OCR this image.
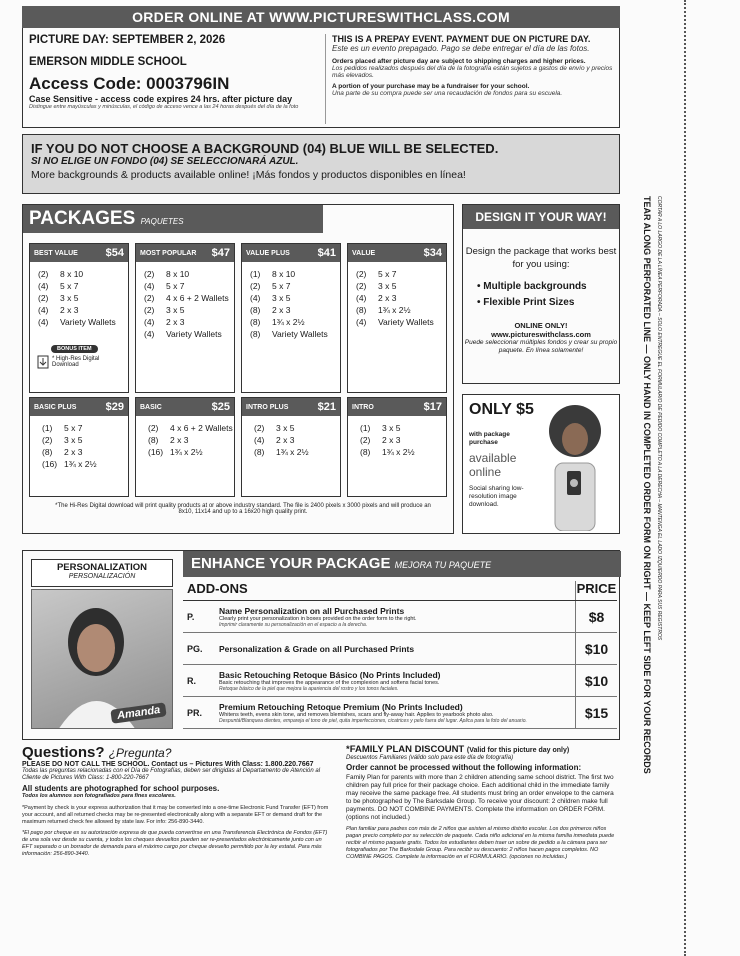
ORDER ONLINE AT WWW.PICTURESWITHCLASS.COM
PICTURE DAY: SEPTEMBER 2, 2026
EMERSON MIDDLE SCHOOL
Access Code: 0003796IN
Case Sensitive - access code expires 24 hrs. after picture day
Distingue entre mayúsculas y minúsculas, el código de acceso vence a las 24 horas después del día de la foto
THIS IS A PREPAY EVENT. PAYMENT DUE ON PICTURE DAY.
Este es un evento prepagado. Pago se debe entregar el día de las fotos.
Orders placed after picture day are subject to shipping charges and higher prices.
Los pedidos realizados después del día de la fotografía están sujetos a gastos de envío y precios más elevados.
A portion of your purchase may be a fundraiser for your school.
Una parte de su compra puede ser una recaudación de fondos para su escuela.
IF YOU DO NOT CHOOSE A BACKGROUND (04) BLUE WILL BE SELECTED.
SI NO ELIGE UN FONDO (04) SE SELECCIONARÁ AZUL.
More backgrounds & products available online! ¡Más fondos y productos disponibles en línea!
PACKAGES PAQUETES
BEST VALUE	$54
(2) 8 x 10
(4) 5 x 7
(2) 3 x 5
(4) 2 x 3
(4) Variety Wallets
MOST POPULAR $47
(2) 8 x 10
(4) 5 x 7
(2) 4 x 6 + 2 Wallets
(2) 3 x 5
(4) 2 x 3
(4) Variety Wallets
VALUE PLUS	$41
(1) 8 x 10
(2) 5 x 7
(4) 3 x 5
(8) 2 x 3
(8) 1¾ x 2½
(8) Variety Wallets
VALUE	$34
(2) 5 x 7
(2) 3 x 5
(4) 2 x 3
(8) 1¾ x 2½
(4) Variety Wallets
BASIC PLUS	$29
(1) 5 x 7
(2) 3 x 5
(8) 2 x 3
(16) 1¾ x 2½
BASIC	$25
(2) 4 x 6 + 2 Wallets
(8) 2 x 3
(16) 1¾ x 2½
INTRO PLUS	$21
(2) 3 x 5
(4) 2 x 3
(8) 1¾ x 2½
INTRO	$17
(1) 3 x 5
(2) 2 x 3
(8) 1¾ x 2½
BONUS ITEM
* High-Res Digital Download
*The Hi-Res Digital download will print quality products at or above industry standard. The file is 2400 pixels x 3000 pixels and will produce an 8x10, 11x14 and up to a 16x20 high quality print.
DESIGN IT YOUR WAY!
Design the package that works best for you using:
• Multiple backgrounds
• Flexible Print Sizes
ONLINE ONLY!
www.pictureswithclass.com
Puede seleccionar múltiples fondos y crear su propio paquete. En línea solamente!
ONLY $5
with package purchase
available online
Social sharing low-resolution image download.
ENHANCE YOUR PACKAGE MEJORA TU PAQUETE
PERSONALIZATION
PERSONALIZACIÓN
Amanda
ADD-ONS	PRICE
P.
Name Personalization on all Purchased Prints
Clearly print your personalization in boxes provided on the order form to the right.
Imprimir claramente su personalización en el espacio a la derecha.	$8
PG.	Personalization & Grade on all Purchased Prints	$10
R.
Basic Retouching Retoque Básico (No Prints Included)
Basic retouching that improves the appearance of the complexion and softens facial tones.
Retoque básico de la piel que mejora la apariencia del rostro y los tonos faciales.	$10
PR.
Premium Retouching Retoque Premium (No Prints Included)
Whitens teeth, evens skin tone, and removes blemishes, scars and fly-away hair. Applies to yearbook photo also.
Despuntá/Blanquea dientes, empareja el tono de piel, quita imperfecciones, cicatrices y pelo fuera del lugar. Aplica para la foto del anuario.	$15
Questions? ¿Pregunta?
PLEASE DO NOT CALL THE SCHOOL. Contact us – Pictures With Class: 1.800.220.7667
Todas las preguntas relacionadas con el Día de Fotografías, deben ser dirigidas al Departamento de Atención al Cliente de Pictures With Class: 1-800-220-7667
All students are photographed for school purposes.
Todos los alumnos son fotografiados para fines escolares.
*Payment by check is your express authorization that it may be converted into a one-time Electronic Fund Transfer (EFT) from your account, and all returned checks may be re-presented electronically along with a separate EFT or demand draft for the maximum returned check fee allowed by state law. For info: 256-890-3440.
*El pago por cheque es su autorización expresa de que pueda convertirse en una Transferencia Electrónica de Fondos (EFT) de una sola vez desde su cuenta, y todos los cheques devueltos pueden ser re-presentados electrónicamente junto con un EFT separado o un borrador de demanda para el máximo cargo por cheque devuelto permitido por la ley estatal. Para más información: 256-890-3440.
*FAMILY PLAN DISCOUNT (Valid for this picture day only)
Descuentos Familiares (válido solo para este día de fotografía)
Order cannot be processed without the following information:
Family Plan for parents with more than 2 children attending same school district. The first two children pay full price for their package choice. Each additional child in the immediate family may receive the same package free. All students must bring an order envelope to the camera to be photographed by The Barksdale Group. To receive your discount: 2 children make full payments. DO NOT COMBINE PAYMENTS. Complete the information on ORDER FORM. (options not included.)
Plan familiar para padres con más de 2 niños que asisten al mismo distrito escolar. Los dos primeros niños pagan precio completo por su selección de paquete. Cada niño adicional en la misma familia inmediata puede recibir el mismo paquete gratis. Todos los estudiantes deben traer un sobre de pedido a la cámara para ser fotografiados por The Barksdale Group. Para recibir su descuento: 2 niños hacen pagos completos. NO COMBINE PAGOS. Complete la información en el FORMULARIO. (opciones no incluidas.)
TEAR ALONG PERFORATED LINE — ONLY HAND IN COMPLETED ORDER FORM ON RIGHT — KEEP LEFT SIDE FOR YOUR RECORDS CORTAR A LO LARGO DE LA LÍNEA PERFORADA – SOLO ENTREGUE EL FORMULARIO DE PEDIDO COMPLETO A LA DERECHA – MANTENGA EL LADO IZQUIERDO PARA SUS REGISTROS
